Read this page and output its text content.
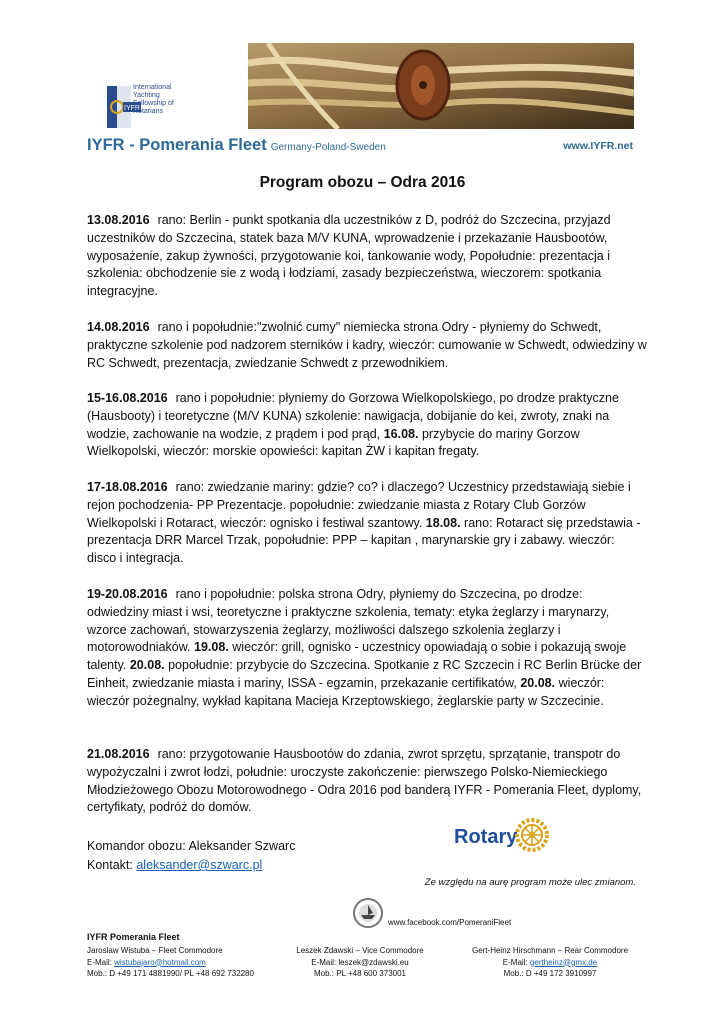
IYFR
International
Yachting
Fellowship of
Rotarians
IYFR - Pomerania Fleet Germany-Poland-Sweden	www.IYFR.net
Program obozu – Odra 2016
13.08.2016 rano: Berlin - punkt spotkania dla uczestników z D, podróż do Szczecina, przyjazd uczestników do Szczecina, statek baza M/V KUNA, wprowadzenie i przekazanie Hausbootów, wyposażenie, zakup żywności, przygotowanie koi, tankowanie wody, Popołudnie: prezentacja i szkolenia: obchodzenie sie z wodą i łodziami, zasady bezpieczeństwa, wieczorem: spotkania integracyjne.
14.08.2016 rano i popołudnie:"zwolnić cumy" niemiecka strona Odry - płyniemy do Schwedt, praktyczne szkolenie pod nadzorem sterników i kadry, wieczór: cumowanie w Schwedt, odwiedziny w RC Schwedt, prezentacja, zwiedzanie Schwedt z przewodnikiem.
15-16.08.2016 rano i popołudnie: płyniemy do Gorzowa Wielkopolskiego, po drodze praktyczne (Hausbooty) i teoretyczne (M/V KUNA) szkolenie: nawigacja, dobijanie do kei, zwroty, znaki na wodzie, zachowanie na wodzie, z prądem i pod prąd, 16.08. przybycie do mariny Gorzow Wielkopolski, wieczór: morskie opowieści: kapitan ŻW i kapitan fregaty.
17-18.08.2016 rano: zwiedzanie mariny: gdzie? co? i dlaczego? Uczestnicy przedstawiają siebie i rejon pochodzenia- PP Prezentacje. popołudnie: zwiedzanie miasta z Rotary Club Gorzów Wielkopolski i Rotaract, wieczór: ognisko i festiwal szantowy. 18.08. rano: Rotaract się przedstawia - prezentacja DRR Marcel Trzak, popołudnie: PPP – kapitan , marynarskie gry i zabawy. wieczór: disco i integracja.
19-20.08.2016 rano i popołudnie: polska strona Odry, płyniemy do Szczecina, po drodze: odwiedziny miast i wsi, teoretyczne i praktyczne szkolenia, tematy: etyka żeglarzy i marynarzy, wzorce zachowań, stowarzyszenia żeglarzy, możliwości dalszego szkolenia żeglarzy i motorowodniaków. 19.08. wieczór: grill, ognisko - uczestnicy opowiadają o sobie i pokazują swoje talenty. 20.08. popołudnie: przybycie do Szczecina. Spotkanie z RC Szczecin i RC Berlin Brücke der Einheit, zwiedzanie miasta i mariny, ISSA - egzamin, przekazanie certifikatów, 20.08. wieczór: wieczór pożegnalny, wykład kapitana Macieja Krzeptowskiego, żeglarskie party w Szczecinie.
21.08.2016 rano: przygotowanie Hausbootów do zdania, zwrot sprzętu, sprzątanie, transpotr do wypożyczalni i zwrot łodzi, południe: uroczyste zakończenie: pierwszego Polsko-Niemieckiego Młodzieżowego Obozu Motorowodnego - Odra 2016 pod banderą IYFR - Pomerania Fleet, dyplomy, certyfikaty, podróż do domów.
Komandor obozu: Aleksander Szwarc
Kontakt: aleksander@szwarc.pl
Rotary
Ze względu na aurę program może ulec zmianom.
www.facebook.com/PomeraniFleet
IYFR Pomerania Fleet
Jaroslaw Wistuba – Fleet Commodore
E-Mail: wistubajaro@hotmail.com
Mob.: D +49 171 4881990/ PL +48 692 732280
Leszek Zdawski – Vice Commodore
E-Mail: leszek@zdawski.eu
Mob.: PL +48 600 373001
Gert-Heinz Hirschmann – Rear Commodore
E-Mail: gertheinz@gmx.de
Mob.: D +49 172 3910997
